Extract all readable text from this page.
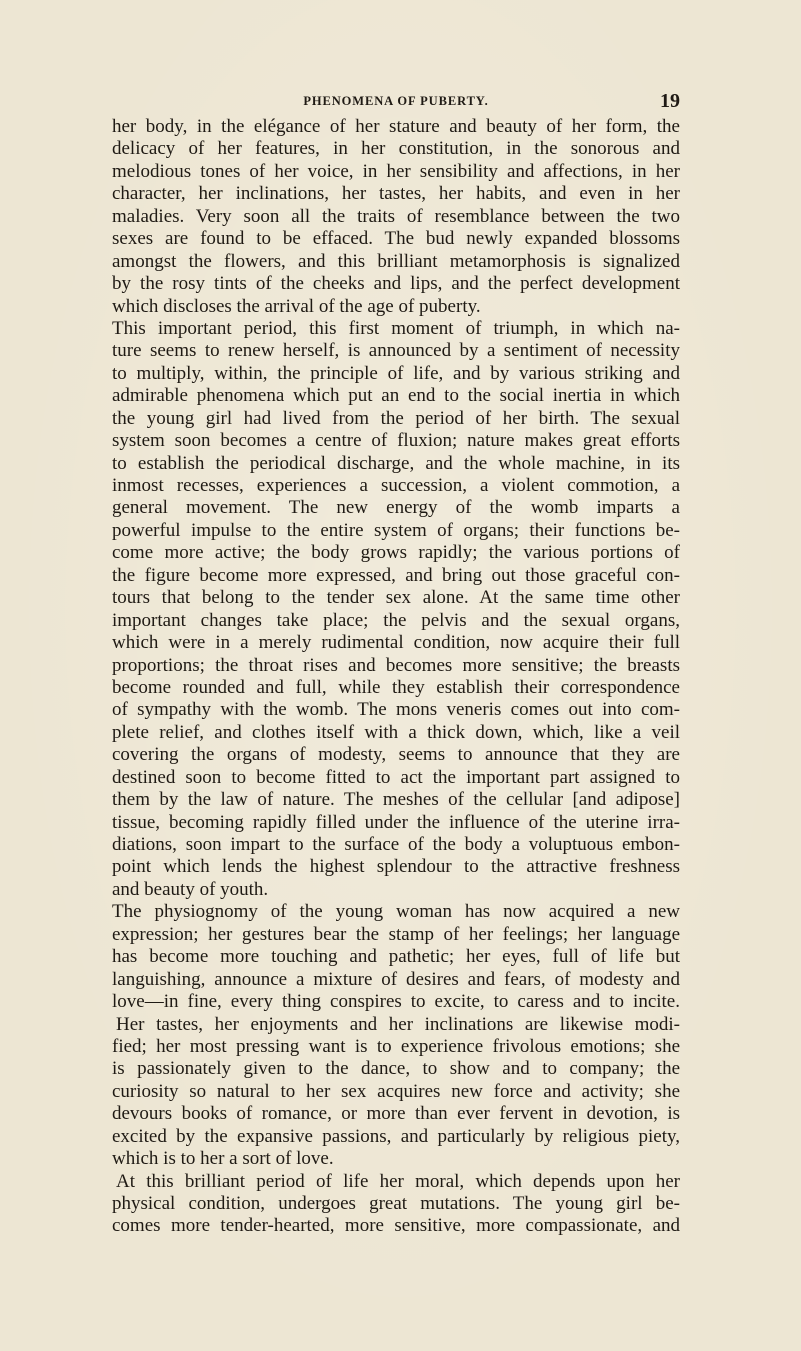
PHENOMENA OF PUBERTY.	19
her body, in the elégance of her stature and beauty of her form, the
delicacy of her features, in her constitution, in the sonorous and
melodious tones of her voice, in her sensibility and affections, in her
character, her inclinations, her tastes, her habits, and even in her
maladies. Very soon all the traits of resemblance between the two
sexes are found to be effaced. The bud newly expanded blossoms
amongst the flowers, and this brilliant metamorphosis is signalized
by the rosy tints of the cheeks and lips, and the perfect development
which discloses the arrival of the age of puberty.
This important period, this first moment of triumph, in which na-
ture seems to renew herself, is announced by a sentiment of necessity
to multiply, within, the principle of life, and by various striking and
admirable phenomena which put an end to the social inertia in which
the young girl had lived from the period of her birth. The sexual
system soon becomes a centre of fluxion; nature makes great efforts
to establish the periodical discharge, and the whole machine, in its
inmost recesses, experiences a succession, a violent commotion, a
general movement. The new energy of the womb imparts a
powerful impulse to the entire system of organs; their functions be-
come more active; the body grows rapidly; the various portions of
the figure become more expressed, and bring out those graceful con-
tours that belong to the tender sex alone. At the same time other
important changes take place; the pelvis and the sexual organs,
which were in a merely rudimental condition, now acquire their full
proportions; the throat rises and becomes more sensitive; the breasts
become rounded and full, while they establish their correspondence
of sympathy with the womb. The mons veneris comes out into com-
plete relief, and clothes itself with a thick down, which, like a veil
covering the organs of modesty, seems to announce that they are
destined soon to become fitted to act the important part assigned to
them by the law of nature. The meshes of the cellular [and adipose]
tissue, becoming rapidly filled under the influence of the uterine irra-
diations, soon impart to the surface of the body a voluptuous embon-
point which lends the highest splendour to the attractive freshness
and beauty of youth.
The physiognomy of the young woman has now acquired a new
expression; her gestures bear the stamp of her feelings; her language
has become more touching and pathetic; her eyes, full of life but
languishing, announce a mixture of desires and fears, of modesty and
love—in fine, every thing conspires to excite, to caress and to incite.
Her tastes, her enjoyments and her inclinations are likewise modi-
fied; her most pressing want is to experience frivolous emotions; she
is passionately given to the dance, to show and to company; the
curiosity so natural to her sex acquires new force and activity; she
devours books of romance, or more than ever fervent in devotion, is
excited by the expansive passions, and particularly by religious piety,
which is to her a sort of love.
At this brilliant period of life her moral, which depends upon her
physical condition, undergoes great mutations. The young girl be-
comes more tender-hearted, more sensitive, more compassionate, and
